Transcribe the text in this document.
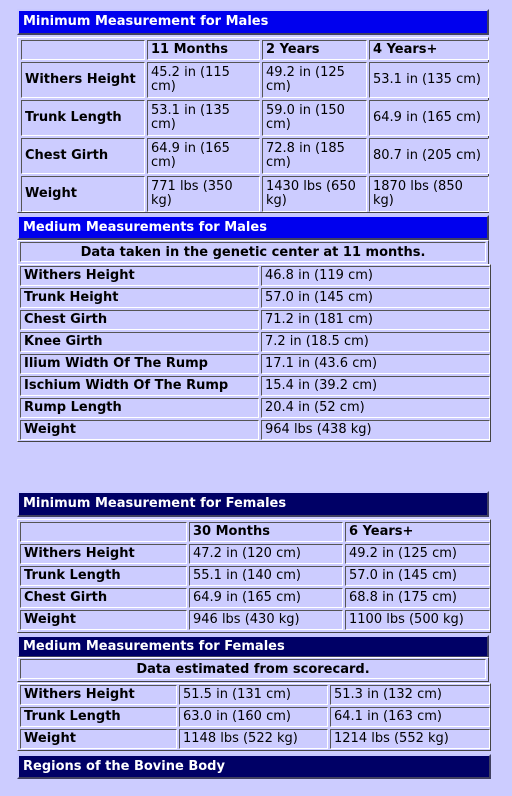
Minimum Measurement for Males
	11 Months	2 Years	4 Years+
Withers Height	45.2 in (115 cm)	49.2 in (125 cm)	53.1 in (135 cm)
Trunk Length	53.1 in (135 cm)	59.0 in (150 cm)	64.9 in (165 cm)
Chest Girth	64.9 in (165 cm)	72.8 in (185 cm)	80.7 in (205 cm)
Weight	771 lbs (350 kg)	1430 lbs (650 kg)	1870 lbs (850 kg)
Medium Measurements for Males
Data taken in the genetic center at 11 months.
Withers Height	46.8 in (119 cm)
Trunk Height	57.0 in (145 cm)
Chest Girth	71.2 in (181 cm)
Knee Girth	7.2 in (18.5 cm)
Ilium Width Of The Rump	17.1 in (43.6 cm)
Ischium Width Of The Rump	15.4 in (39.2 cm)
Rump Length	20.4 in (52 cm)
Weight	964 lbs (438 kg)
Minimum Measurement for Females
	30 Months	6 Years+
Withers Height	47.2 in (120 cm)	49.2 in (125 cm)
Trunk Length	55.1 in (140 cm)	57.0 in (145 cm)
Chest Girth	64.9 in (165 cm)	68.8 in (175 cm)
Weight	946 lbs (430 kg)	1100 lbs (500 kg)
Medium Measurements for Females
Data estimated from scorecard.
Withers Height	51.5 in (131 cm)	51.3 in (132 cm)
Trunk Length	63.0 in (160 cm)	64.1 in (163 cm)
Weight	1148 lbs (522 kg)	1214 lbs (552 kg)
Regions of the Bovine Body
